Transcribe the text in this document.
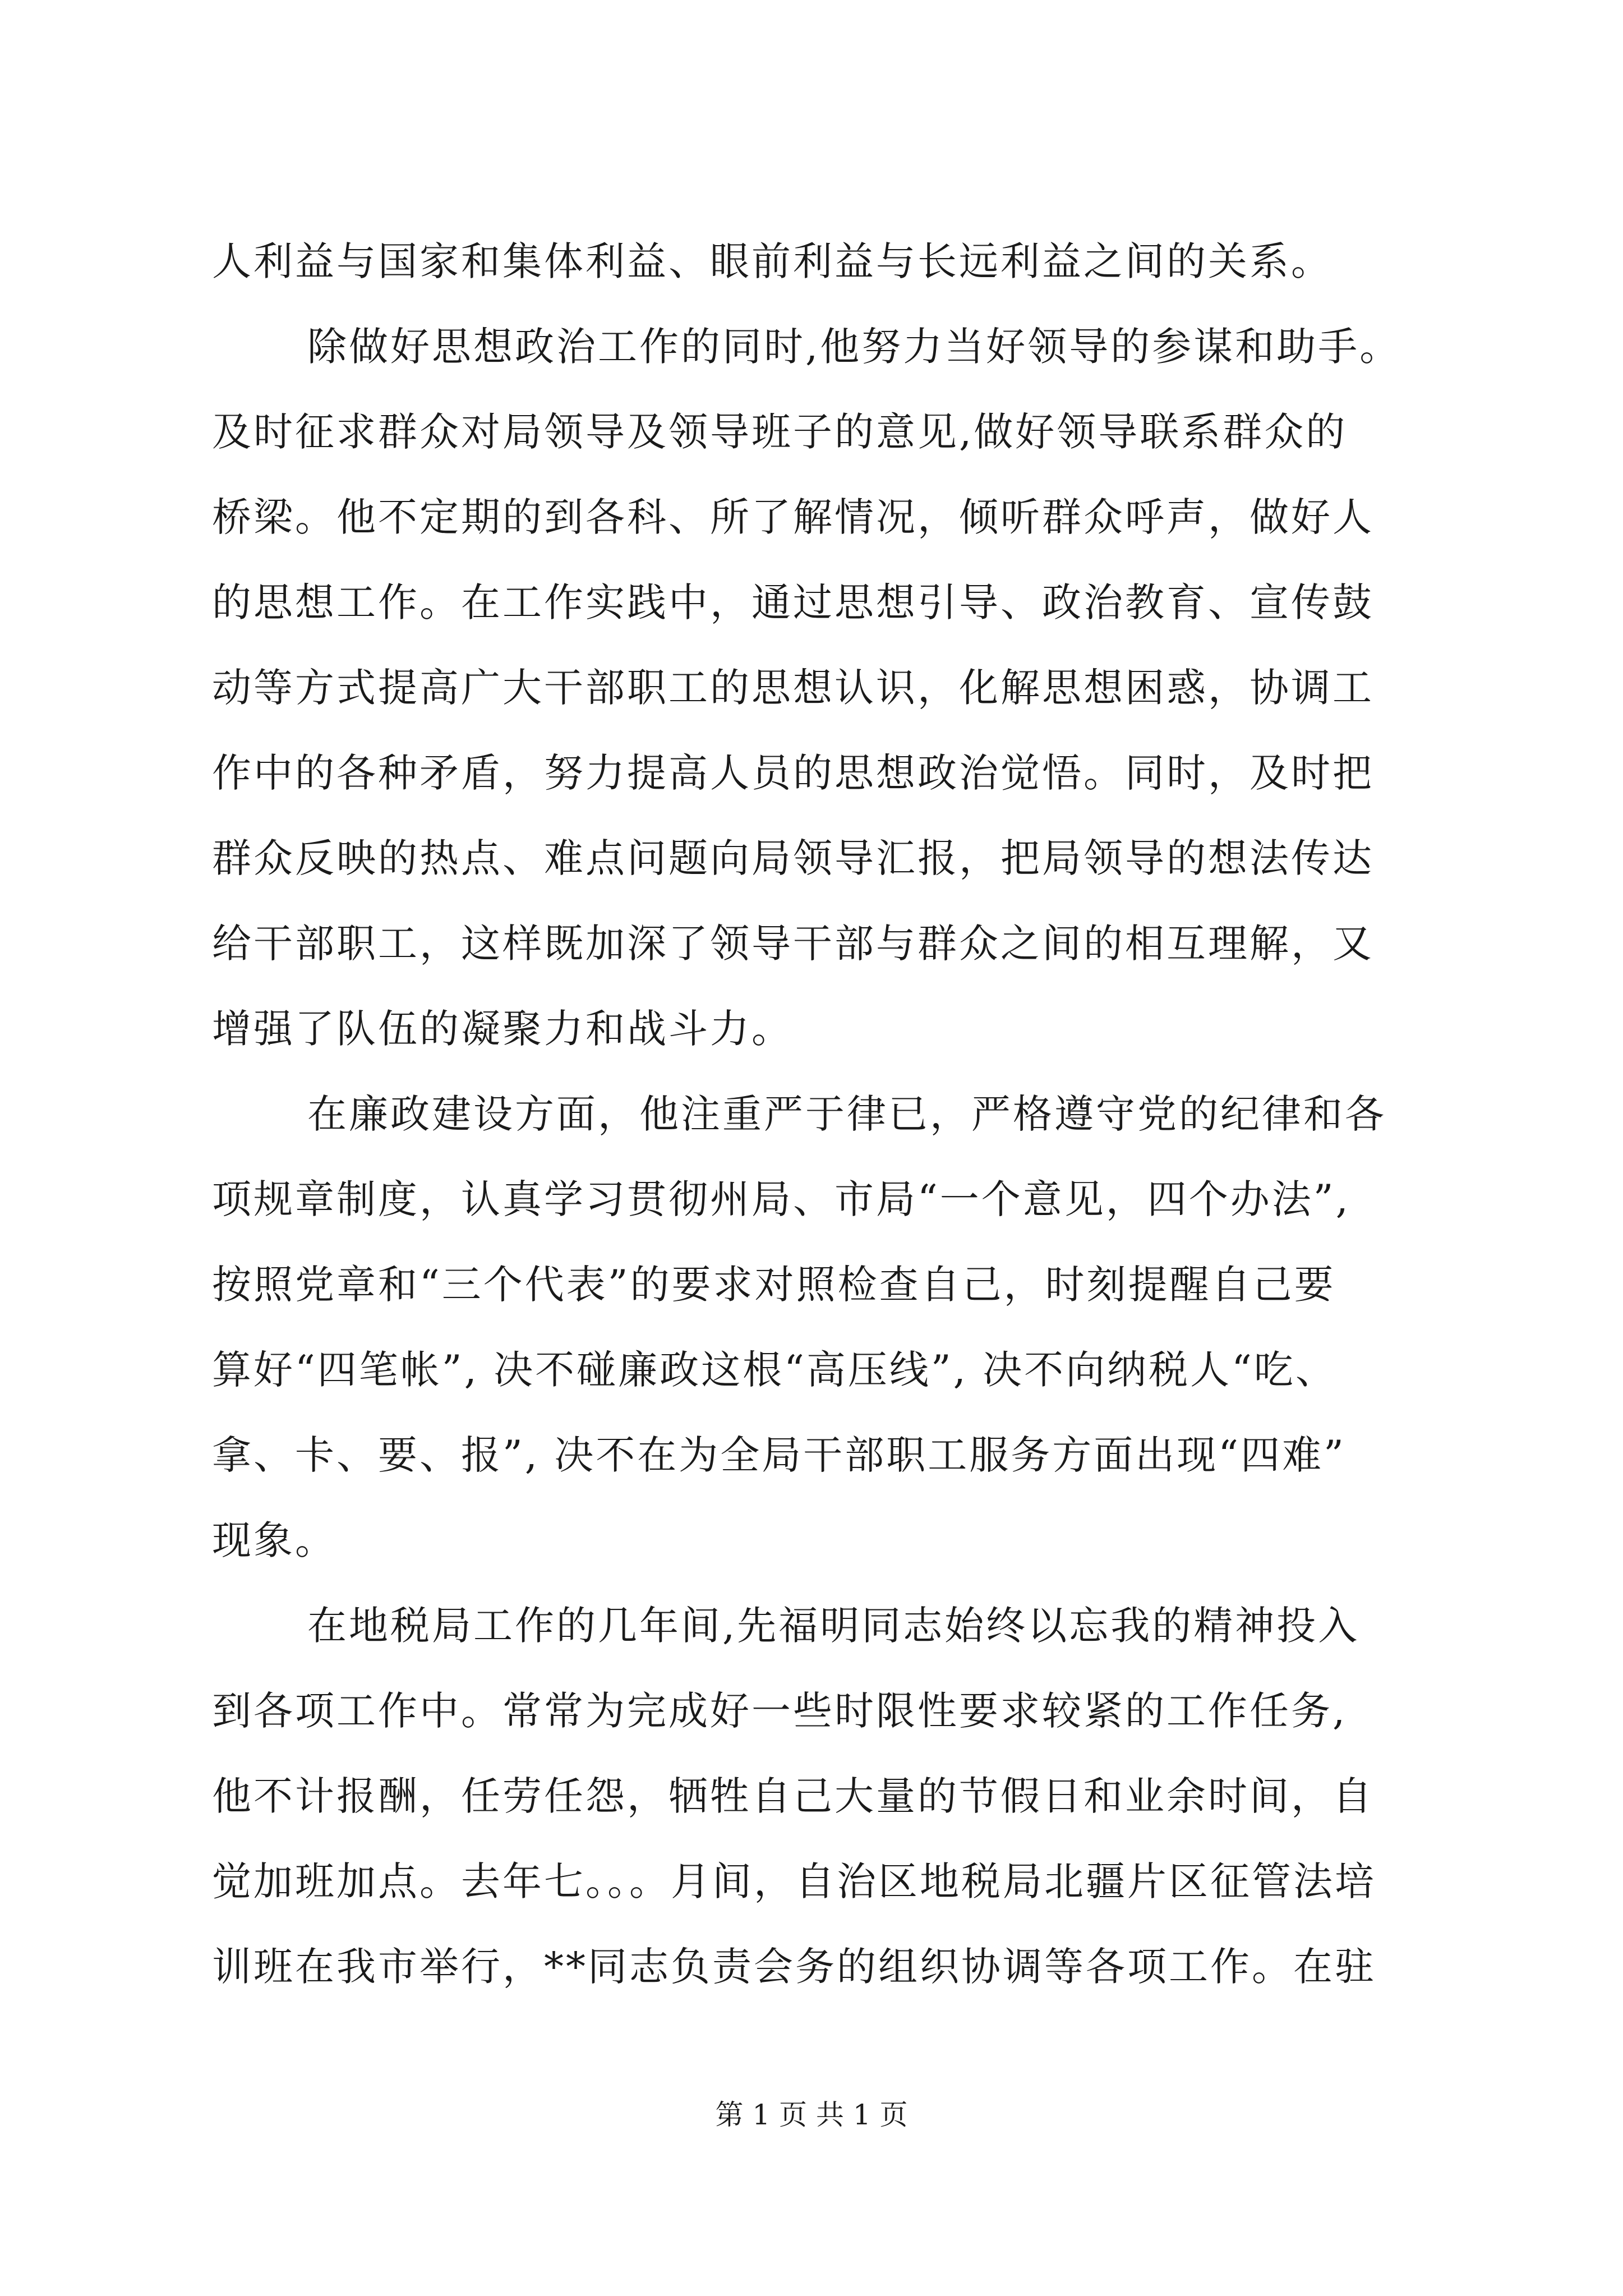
人利益与国家和集体利益、眼前利益与长远利益之间的关系。
除做好思想政治工作的同时,他努力当好领导的参谋和助手。
及时征求群众对局领导及领导班子的意见,做好领导联系群众的
桥梁。他不定期的到各科、所了解情况，倾听群众呼声，做好人
的思想工作。在工作实践中，通过思想引导、政治教育、宣传鼓
动等方式提高广大干部职工的思想认识，化解思想困惑，协调工
作中的各种矛盾，努力提高人员的思想政治觉悟。同时，及时把
群众反映的热点、难点问题向局领导汇报，把局领导的想法传达
给干部职工，这样既加深了领导干部与群众之间的相互理解，又
增强了队伍的凝聚力和战斗力。
在廉政建设方面，他注重严于律已，严格遵守党的纪律和各
项规章制度，认真学习贯彻州局、市局“一个意见，四个办法”,
按照党章和“三个代表”的要求对照检查自己，时刻提醒自己要
算好“四笔帐”, 决不碰廉政这根“高压线”, 决不向纳税人“吃、
拿、卡、要、报”, 决不在为全局干部职工服务方面出现“四难”
现象。
在地税局工作的几年间,先福明同志始终以忘我的精神投入
到各项工作中。常常为完成好一些时限性要求较紧的工作任务,
他不计报酬，任劳任怨，牺牲自己大量的节假日和业余时间，自
觉加班加点。去年七。。。月间，自治区地税局北疆片区征管法培
训班在我市举行，**同志负责会务的组织协调等各项工作。在驻
第 1 页 共 1 页
